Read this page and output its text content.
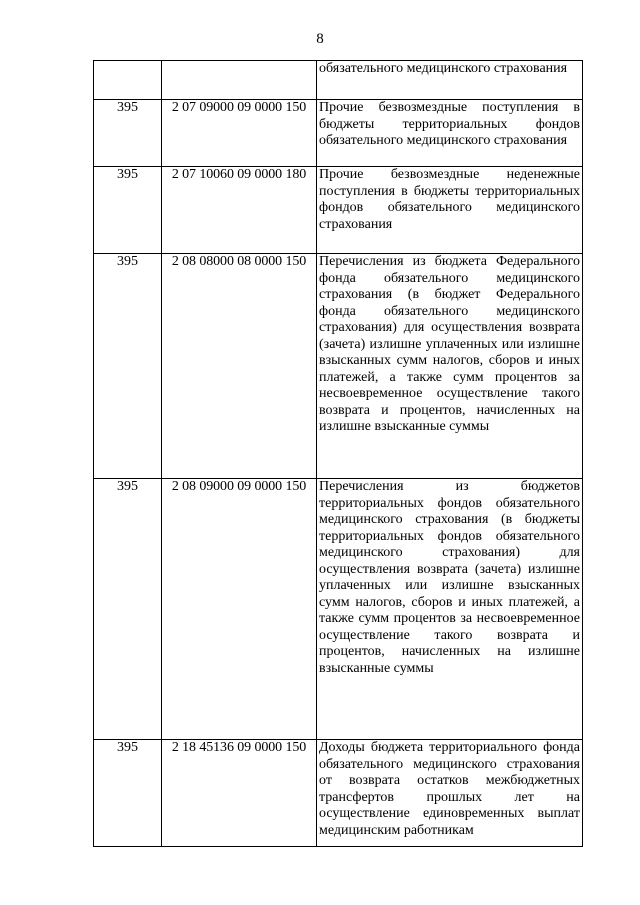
8

		обязательного медицинского страхования

395	2 07 09000 09 0000 150	Прочие безвозмездные поступления в бюджеты территориальных фондов обязательного медицинского страхования

395	2 07 10060 09 0000 180	Прочие безвозмездные неденежные поступления в бюджеты территориальных фондов обязательного медицинского страхования

395	2 08 08000 08 0000 150	Перечисления из бюджета Федерального фонда обязательного медицинского страхования (в бюджет Федерального фонда обязательного медицинского страхования) для осуществления возврата (зачета) излишне уплаченных или излишне взысканных сумм налогов, сборов и иных платежей, а также сумм процентов за несвоевременное осуществление такого возврата и процентов, начисленных на излишне взысканные суммы

395	2 08 09000 09 0000 150	Перечисления из бюджетов территориальных фондов обязательного медицинского страхования (в бюджеты территориальных фондов обязательного медицинского страхования) для осуществления возврата (зачета) излишне уплаченных или излишне взысканных сумм налогов, сборов и иных платежей, а также сумм процентов за несвоевременное осуществление такого возврата и процентов, начисленных на излишне взысканные суммы

395	2 18 45136 09 0000 150	Доходы бюджета территориального фонда обязательного медицинского страхования от возврата остатков межбюджетных трансфертов прошлых лет на осуществление единовременных выплат медицинским работникам
